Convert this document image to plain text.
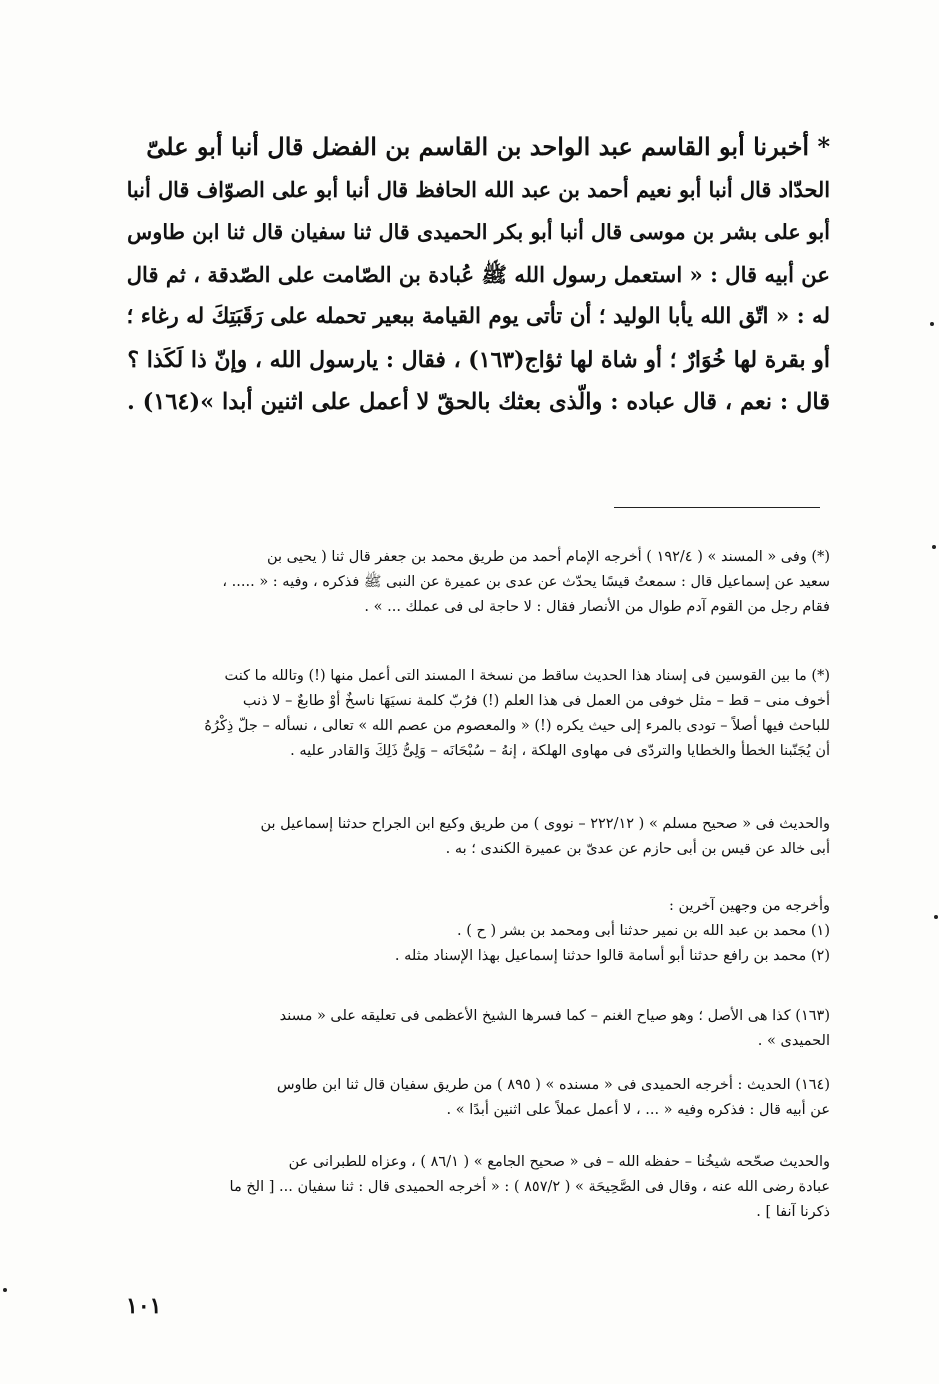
* أخبرنا أبو القاسم عبد الواحد بن القاسم بن الفضل قال أنبا أبو علىّ
الحدّاد قال أنبا أبو نعيم أحمد بن عبد الله الحافظ قال أنبا أبو على الصوّاف قال أنبا
أبو على بشر بن موسى قال أنبا أبو بكر الحميدى قال ثنا سفيان قال ثنا ابن طاوس
عن أبيه قال : « استعمل رسول الله ﷺ عُبادة بن الصّامت على الصّدقة ، ثم قال
له : « اتّق الله يأبا الوليد ؛ أن تأتى يوم القيامة ببعير تحمله على رَقَبَتِكَ له رغاء ؛
أو بقرة لها خُوَارٌ ؛ أو شاة لها ثؤاج(١٦٣) ، فقال : يارسول الله ، وإنّ ذا لَكَذا ؟
قال : نعم ، قال عباده : والّذى بعثك بالحقّ لا أعمل على اثنين أبدا »(١٦٤) .
(*) وفى « المسند » ( ١٩٢/٤ ) أخرجه الإمام أحمد من طريق محمد بن جعفر قال ثنا ( يحيى بن
سعيد عن إسماعيل قال : سمعتُ قيسًا يحدّث عن عدى بن عميرة عن النبى ﷺ فذكره ، وفيه : « ..... ،
فقام رجل من القوم آدم طوال من الأنصار فقال : لا حاجة لى فى عملك ... » .
(*) ما بين القوسين فى إسناد هذا الحديث ساقط من نسخة ا المسند التى أعمل منها (!) وتالله ما كنت
أخوف منى – قط – مثل خوفى من العمل فى هذا العلم (!) فرُبّ كلمة نسيَهَا ناسخٌ أوْ طابعٌ – لا ذنب
للباحث فيها أصلاً – تودى بالمرء إلى حيث يكره (!) « والمعصوم من عصم الله » تعالى ، نسأله – جلّ ذِكْرُهُ
أن يُجَنّبنا الخطأ والخطايا والتردّى فى مهاوى الهلكة ، إنهُ – سُبْحَانَه – وَلِىُّ ذَلِكَ وَالقادر عليه .
والحديث فى « صحيح مسلم » ( ٢٢٢/١٢ – نووى ) من طريق وكيع ابن الجراح حدثنا إسماعيل بن
أبى خالد عن قيس بن أبى حازم عن عدىّ بن عميرة الكندى ؛ به .
وأخرجه من وجهين آخرين :
(١) محمد بن عبد الله بن نمير حدثنا أبى ومحمد بن بشر ( ح ) .
(٢) محمد بن رافع حدثنا أبو أسامة قالوا حدثنا إسماعيل بهذا الإسناد مثله .
(١٦٣) كذا هى الأصل ؛ وهو صياح الغنم – كما فسرها الشيخ الأعظمى فى تعليقه على « مسند
الحميدى » .
(١٦٤) الحديث : أخرجه الحميدى فى « مسنده » ( ٨٩٥ ) من طريق سفيان قال ثنا ابن طاوس
عن أبيه قال : فذكره وفيه « ... ، لا أعمل عملاً على اثنين أبدًا » .
والحديث صحّحه شيخُنا – حفظه الله – فى « صحيح الجامع » ( ٨٦/١ ) ، وعزاه للطبرانى عن
عبادة رضى الله عنه ، وقال فى الصَّحِيحَة » ( ٨٥٧/٢ ) : « أخرجه الحميدى قال : ثنا سفيان ... [ الخ ما
ذكرنا آنفا ] .
١٠١
